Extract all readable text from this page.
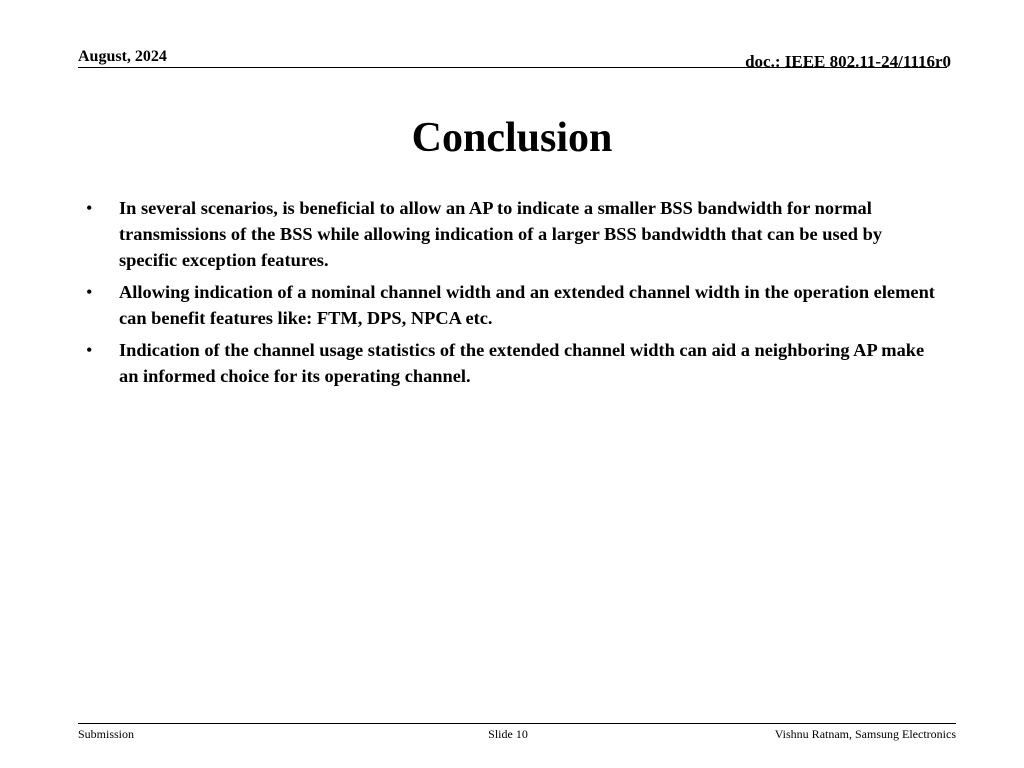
August, 2024	doc.: IEEE 802.11-24/1116r0
Conclusion
• In several scenarios, is beneficial to allow an AP to indicate a smaller BSS bandwidth for normal transmissions of the BSS while allowing indication of a larger BSS bandwidth that can be used by specific exception features.
• Allowing indication of a nominal channel width and an extended channel width in the operation element can benefit features like: FTM, DPS, NPCA etc.
• Indication of the channel usage statistics of the extended channel width can aid a neighboring AP make an informed choice for its operating channel.
Submission	Slide 10	Vishnu Ratnam, Samsung Electronics
